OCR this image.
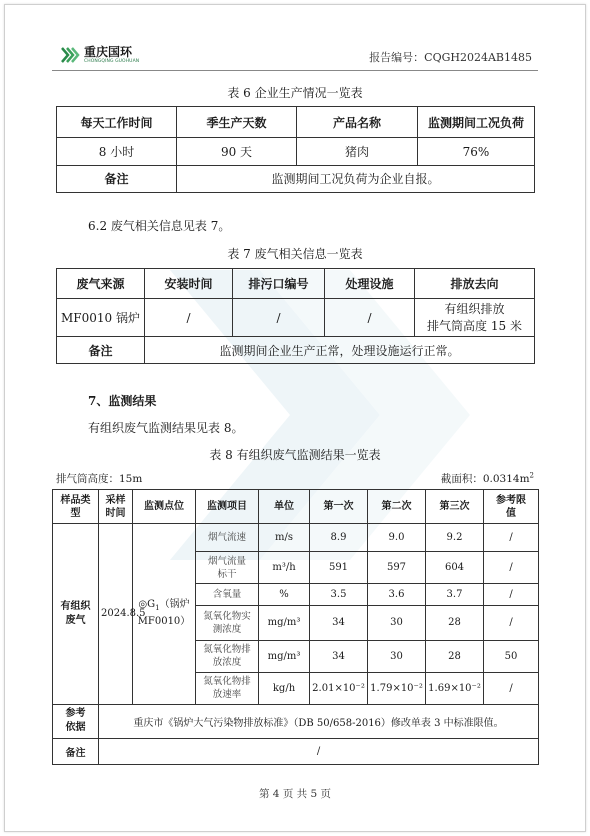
重庆国环
CHONGQING GUOHUAN	报告编号：CQGH2024AB1485
表 6 企业生产情况一览表
每天工作时间	季生产天数	产品名称	监测期间工况负荷
8 小时	90 天	猪肉	76%
备注	监测期间工况负荷为企业自报。		
6.2 废气相关信息见表 7。
表 7 废气相关信息一览表
废气来源	安装时间	排污口编号	处理设施	排放去向
MF0010 锅炉	/	/	/	有组织排放
排气筒高度 15 米

备注	监测期间企业生产正常，处理设施运行正常。			
7、监测结果
有组织废气监测结果见表 8。
表 8 有组织废气监测结果一览表
排气筒高度：15m	截面积：$0.0314m^2$
样品类型	采样时间	监测点位	监测项目	单位	第一次	第二次	第三次	参考限值
有组织废气	2024.8.5	$◎G_1$（锅炉 MF0010）	烟气流速	m/s	8.9	9.0	9.2	/
			烟气流量标干	m³/h	591	597	604	/
			含氧量	%	3.5	3.6	3.7	/
			氮氧化物实测浓度	mg/m³	34	30	28	/
			氮氧化物排放浓度	mg/m³	34	30	28	50
			氮氧化物排放速率	kg/h	2.01×10⁻²	1.79×10⁻²	1.69×10⁻²	/
参考依据	重庆市《锅炉大气污染物排放标准》（DB 50/658-2016）修改单表 3 中标准限值。							
备注	/							
第 4 页 共 5 页
